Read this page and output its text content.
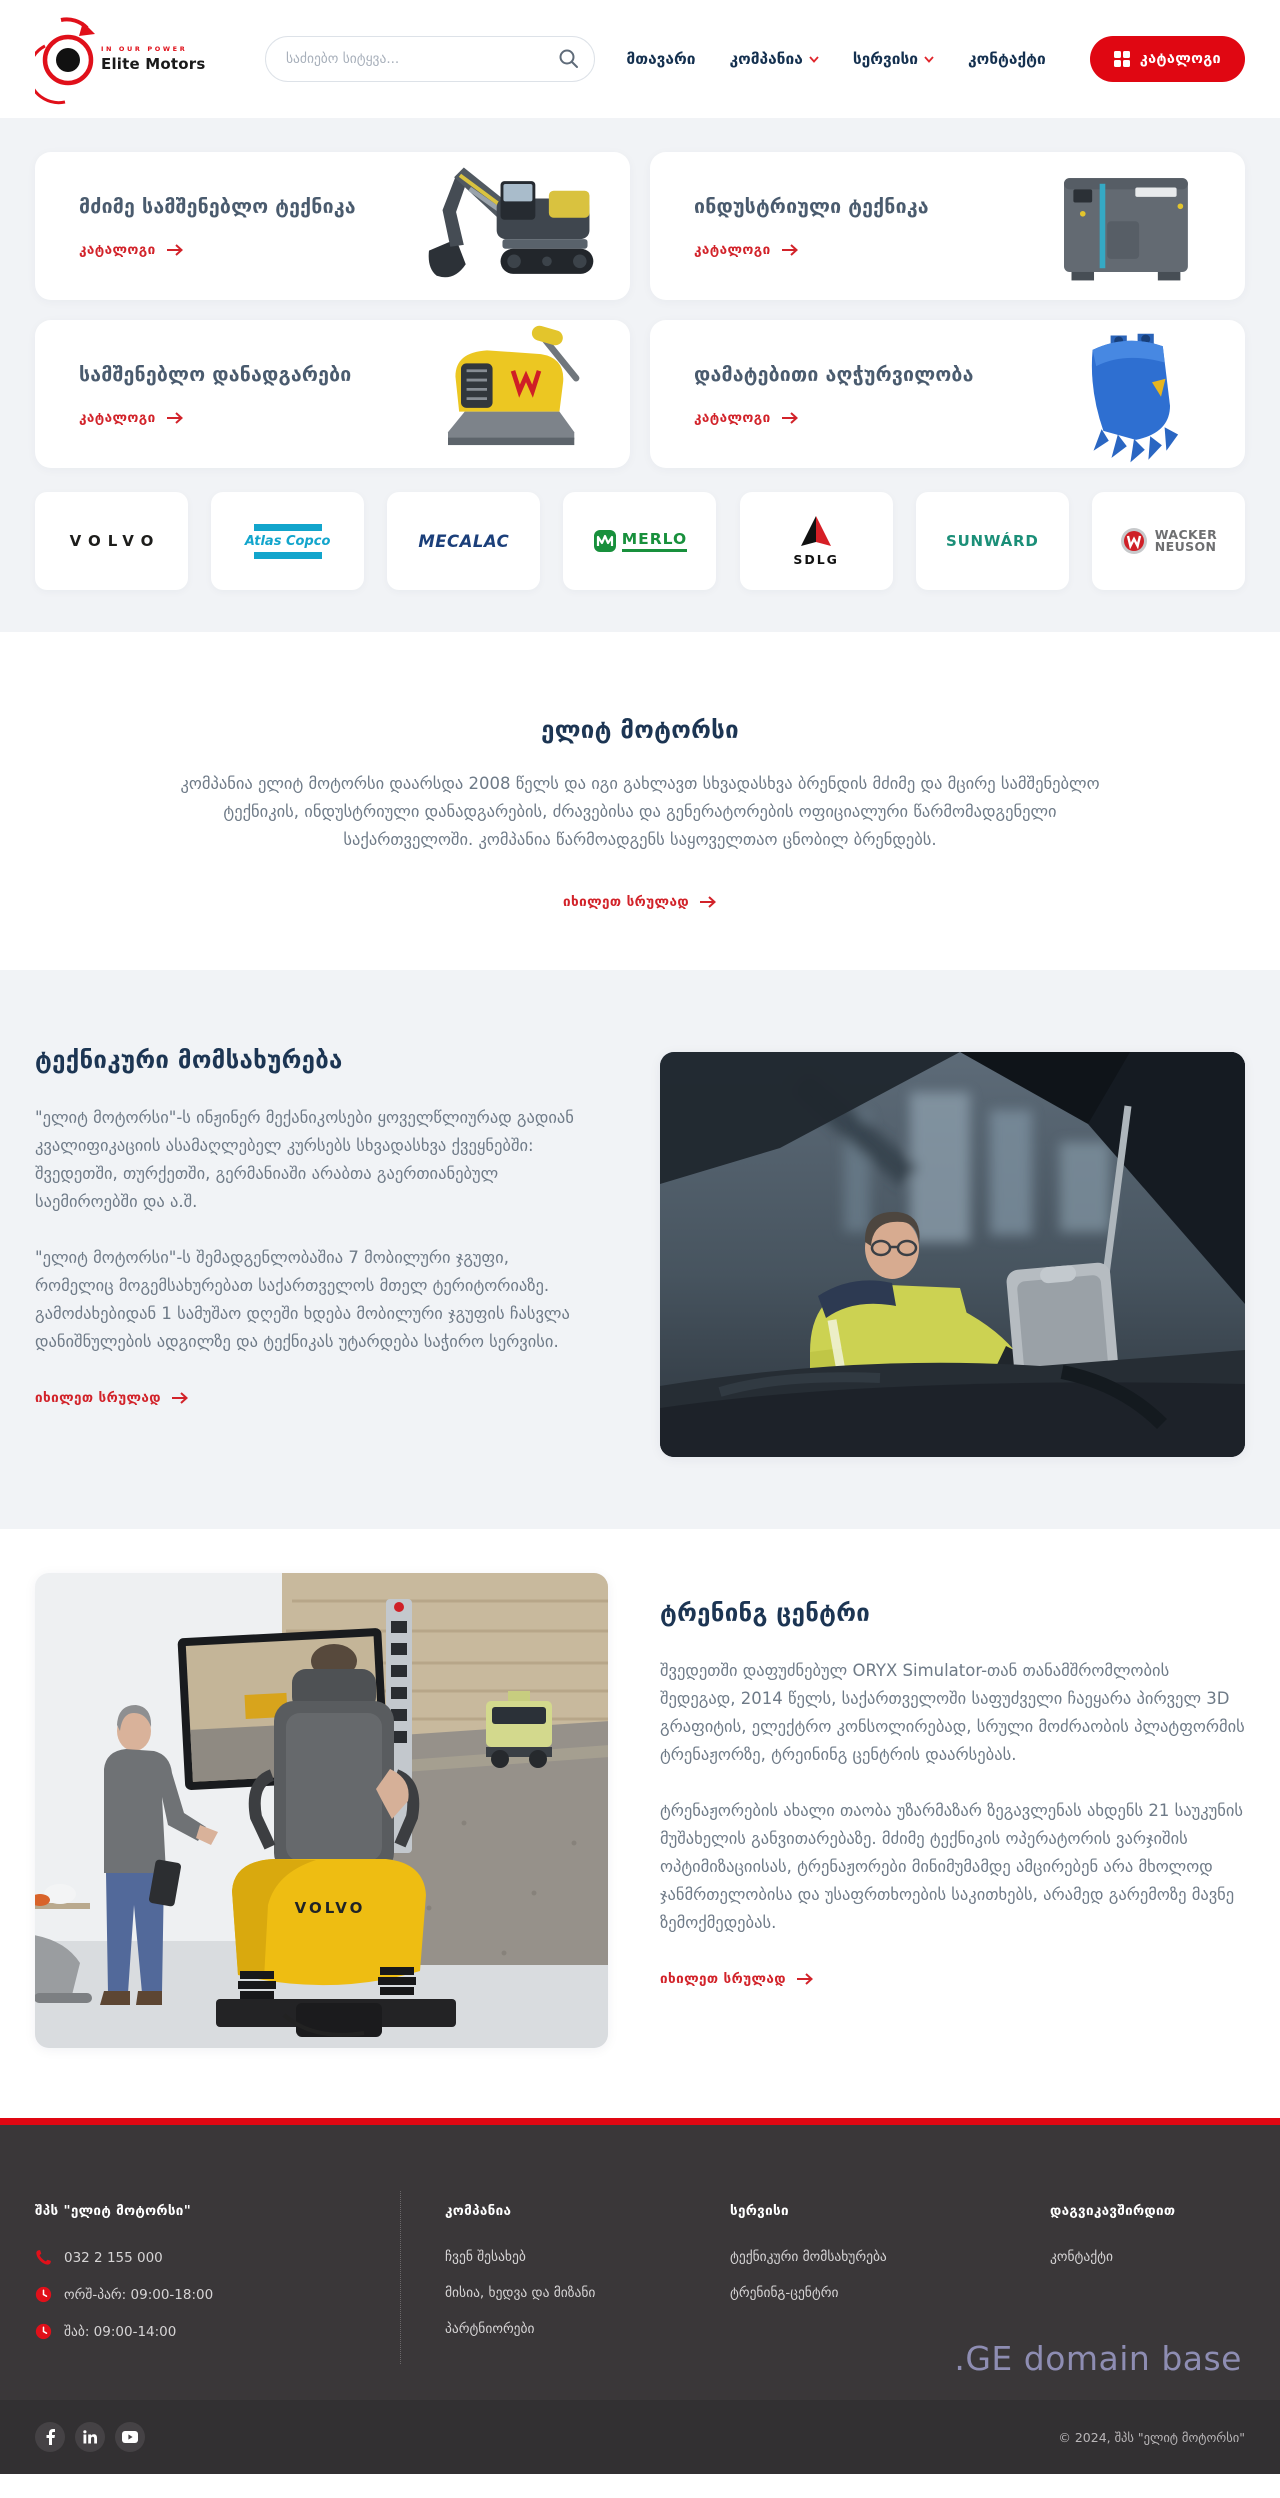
IN OUR POWER
Elite Motors
საძიებო სიტყვა...	მთავარი კომპანია	სერვისი	კონტაქტი	კატალოგი
მძიმე სამშენებლო ტექნიკა
კატალოგი
ინდუსტრიული ტექნიკა
კატალოგი
სამშენებლო დანადგარები
კატალოგი
დამატებითი აღჭურვილობა
კატალოგი
VOLVO	Atlas Copco	MECALAC	MERLO
SDLG
SUNWÁRD	WACKER
NEUSON
ელიტ მოტორსი

კომპანია ელიტ მოტორსი დაარსდა 2008 წელს და იგი გახლავთ სხვადასხვა ბრენდის მძიმე და მცირე სამშენებლო ტექნიკის, ინდუსტრიული დანადგარების, ძრავებისა და გენერატორების ოფიციალური წარმომადგენელი საქართველოში. კომპანია წარმოადგენს საყოველთაო ცნობილ ბრენდებს.

იხილეთ სრულად
ტექნიკური მომსახურება

"ელიტ მოტორსი"-ს ინჟინერ მექანიკოსები ყოველწლიურად გადიან კვალიფიკაციის ასამაღლებელ კურსებს სხვადასხვა ქვეყნებში: შვედეთში, თურქეთში, გერმანიაში არაბთა გაერთიანებულ საემიროებში და ა.შ.

"ელიტ მოტორსი"-ს შემადგენლობაშია 7 მობილური ჯგუფი, რომელიც მოგემსახურებათ საქართველოს მთელ ტერიტორიაზე. გამოძახებიდან 1 სამუშაო დღეში ხდება მობილური ჯგუფის ჩასვლა დანიშნულების ადგილზე და ტექნიკას უტარდება საჭირო სერვისი.

იხილეთ სრულად
VOLVO
ტრენინგ ცენტრი

შვედეთში დაფუძნებულ ORYX Simulator-თან თანამშრომლობის შედეგად, 2014 წელს, საქართველოში საფუძველი ჩაეყარა პირველ 3D გრაფიტის, ელექტრო კონსოლირებად, სრული მოძრაობის პლატფორმის ტრენაჟორზე, ტრეინინგ ცენტრის დაარსებას.

ტრენაჟორების ახალი თაობა უზარმაზარ ზეგავლენას ახდენს 21 საუკუნის მუშახელის განვითარებაზე. მძიმე ტექნიკის ოპერატორის ვარჯიშის ოპტიმიზაციისას, ტრენაჟორები მინიმუმამდე ამცირებენ არა მხოლოდ ჯანმრთელობისა და უსაფრთხოების საკითხებს, არამედ გარემოზე მავნე ზემოქმედებას.

იხილეთ სრულად
შპს "ელიტ მოტორსი"
032 2 155 000
ორშ-პარ: 09:00-18:00
შაბ: 09:00-14:00
კომპანია
ჩვენ შესახებ
მისია, ხედვა და მიზანი
პარტნიორები
სერვისი
ტექნიკური მომსახურება
ტრენინგ-ცენტრი
დაგვიკავშირდით
კონტაქტი
.GE domain base
© 2024, შპს "ელიტ მოტორსი"
